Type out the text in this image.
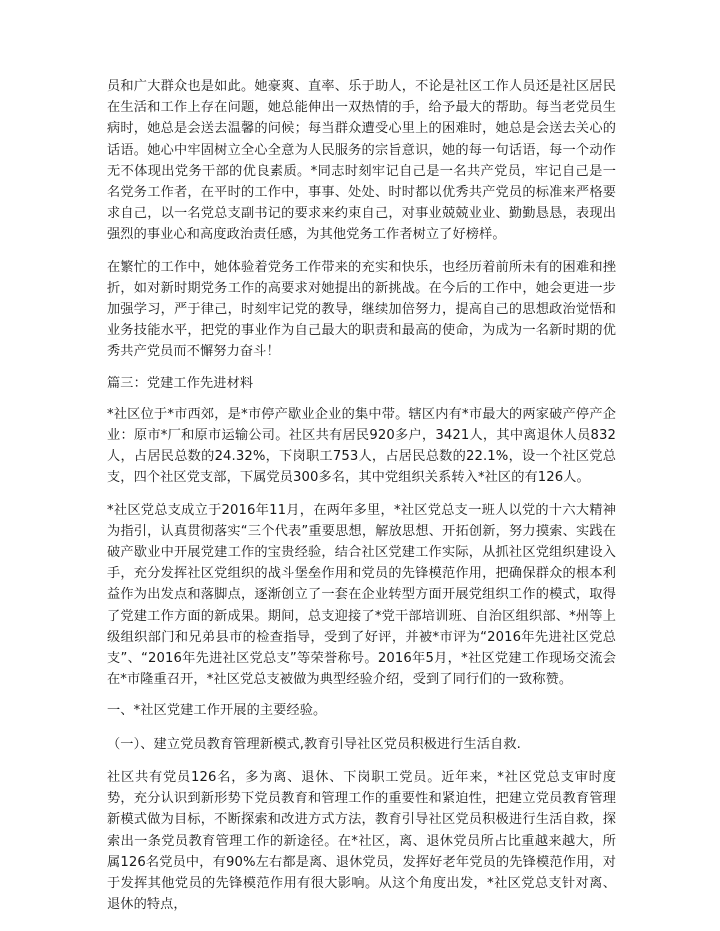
员和广大群众也是如此。她豪爽、直率、乐于助人，不论是社区工作人员还是社区居民在生活和工作上存在问题，她总能伸出一双热情的手，给予最大的帮助。每当老党员生病时，她总是会送去温馨的问候；每当群众遭受心里上的困难时，她总是会送去关心的话语。她心中牢固树立全心全意为人民服务的宗旨意识，她的每一句话语，每一个动作无不体现出党务干部的优良素质。*同志时刻牢记自己是一名共产党员，牢记自己是一名党务工作者，在平时的工作中，事事、处处、时时都以优秀共产党员的标准来严格要求自己，以一名党总支副书记的要求来约束自己，对事业兢兢业业、勤勤恳恳，表现出强烈的事业心和高度政治责任感，为其他党务工作者树立了好榜样。

在繁忙的工作中，她体验着党务工作带来的充实和快乐，也经历着前所未有的困难和挫折，如对新时期党务工作的高要求对她提出的新挑战。在今后的工作中，她会更进一步加强学习，严于律己，时刻牢记党的教导，继续加倍努力，提高自己的思想政治觉悟和业务技能水平，把党的事业作为自己最大的职责和最高的使命，为成为一名新时期的优秀共产党员而不懈努力奋斗！

篇三：党建工作先进材料

*社区位于*市西郊，是*市停产歇业企业的集中带。辖区内有*市最大的两家破产停产企业：原市*厂和原市运输公司。社区共有居民920多户，3421人，其中离退休人员832人，占居民总数的24.32%，下岗职工753人，占居民总数的22.1%，设一个社区党总支，四个社区党支部，下属党员300多名，其中党组织关系转入*社区的有126人。

*社区党总支成立于2016年11月，在两年多里，*社区党总支一班人以党的十六大精神为指引，认真贯彻落实“三个代表”重要思想，解放思想、开拓创新，努力摸索、实践在破产歇业中开展党建工作的宝贵经验，结合社区党建工作实际，从抓社区党组织建设入手，充分发挥社区党组织的战斗堡垒作用和党员的先锋模范作用，把确保群众的根本利益作为出发点和落脚点，逐渐创立了一套在企业转型方面开展党组织工作的模式，取得了党建工作方面的新成果。期间，总支迎接了*党干部培训班、自治区组织部、*州等上级组织部门和兄弟县市的检查指导，受到了好评，并被*市评为“2016年先进社区党总支”、“2016年先进社区党总支”等荣誉称号。2016年5月，*社区党建工作现场交流会在*市隆重召开，*社区党总支被做为典型经验介绍，受到了同行们的一致称赞。

一、*社区党建工作开展的主要经验。

（一）、建立党员教育管理新模式,教育引导社区党员积极进行生活自救.

社区共有党员126名，多为离、退休、下岗职工党员。近年来，*社区党总支审时度势，充分认识到新形势下党员教育和管理工作的重要性和紧迫性，把建立党员教育管理新模式做为目标，不断探索和改进方式方法，教育引导社区党员积极进行生活自救，探索出一条党员教育管理工作的新途径。在*社区，离、退休党员所占比重越来越大，所属126名党员中，有90%左右都是离、退休党员，发挥好老年党员的先锋模范作用，对于发挥其他党员的先锋模范作用有很大影响。从这个角度出发，*社区党总支针对离、退休的特点，
